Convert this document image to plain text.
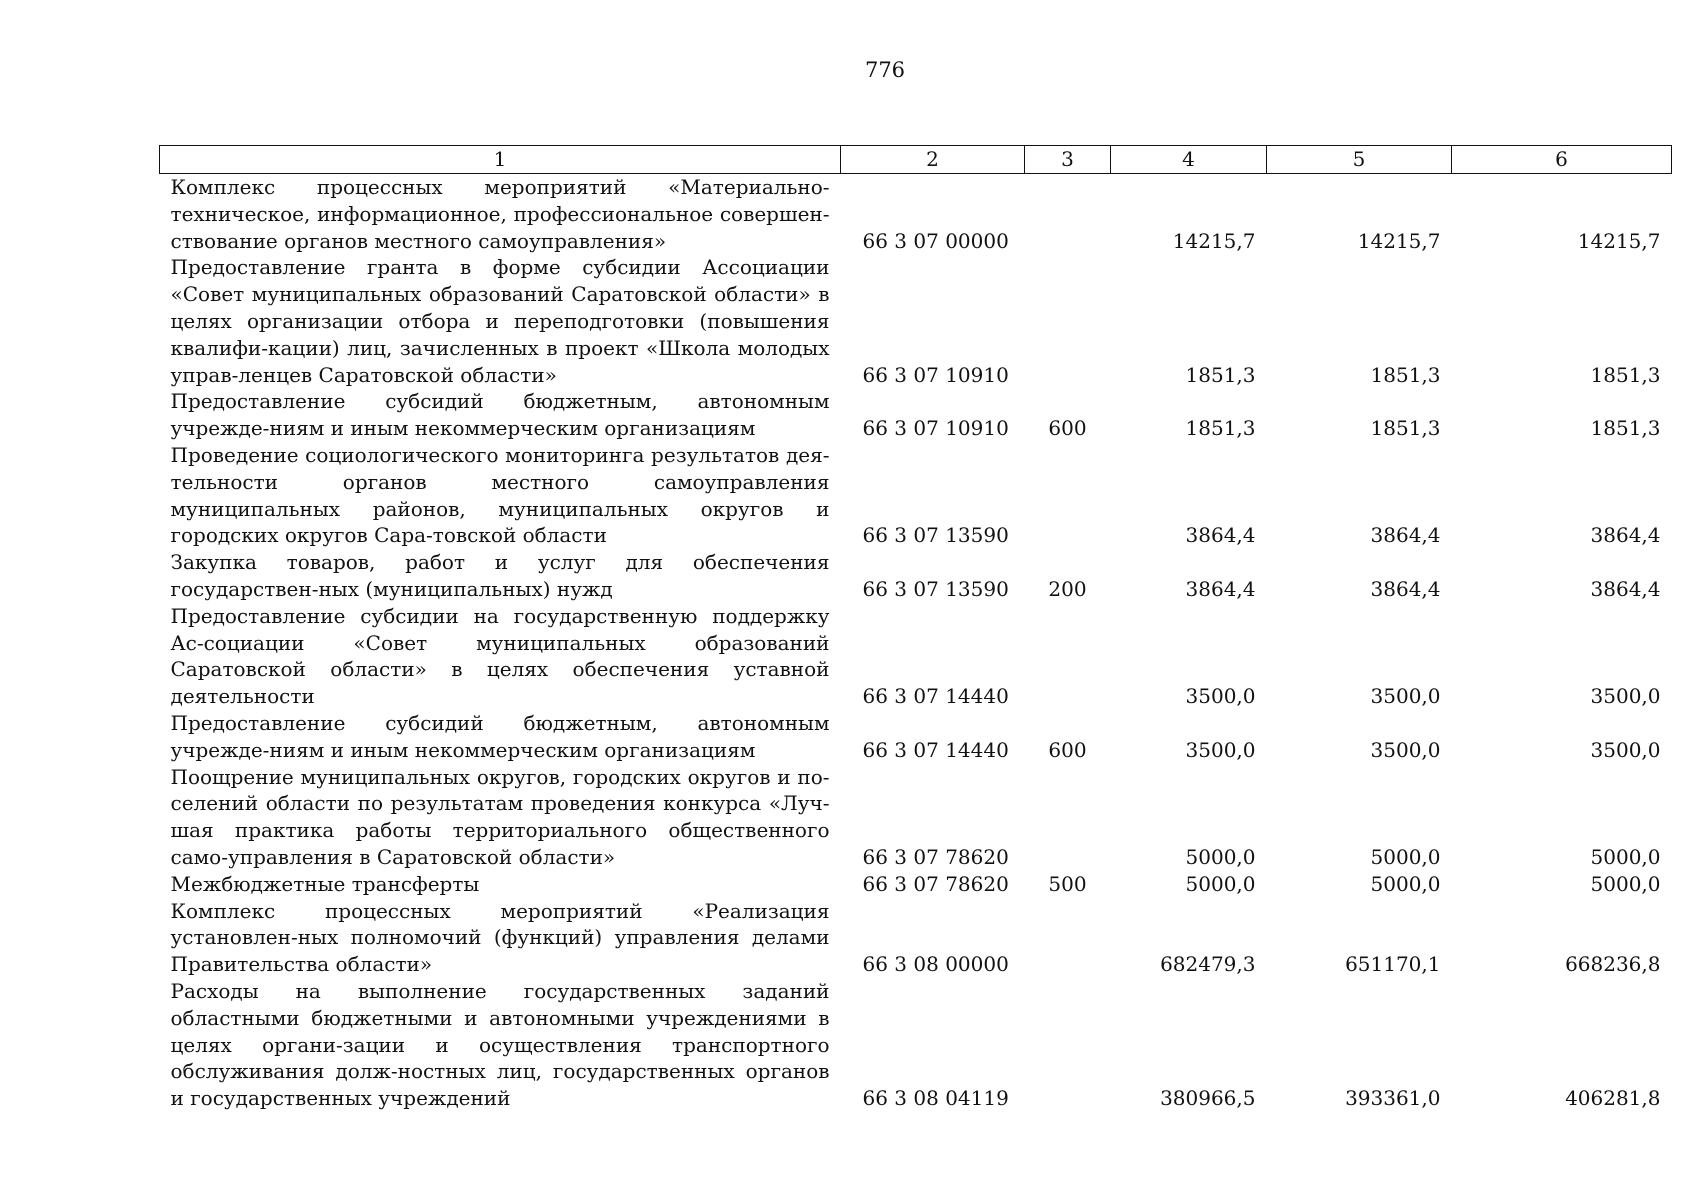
776
1	2	3	4	5	6
Комплекс процессных мероприятий «Материально-техническое, информационное, профессиональное совершен-ствование органов местного самоуправления»	66 3 07 00000		14215,7	14215,7	14215,7
Предоставление гранта в форме субсидии Ассоциации «Совет муниципальных образований Саратовской области» в целях организации отбора и переподготовки (повышения квалифи-кации) лиц, зачисленных в проект «Школа молодых управ-ленцев Саратовской области»	66 3 07 10910		1851,3	1851,3	1851,3
Предоставление субсидий бюджетным, автономным учрежде-ниям и иным некоммерческим организациям	66 3 07 10910	600	1851,3	1851,3	1851,3
Проведение социологического мониторинга результатов дея-тельности органов местного самоуправления муниципальных районов, муниципальных округов и городских округов Сара-товской области	66 3 07 13590		3864,4	3864,4	3864,4
Закупка товаров, работ и услуг для обеспечения государствен-ных (муниципальных) нужд	66 3 07 13590	200	3864,4	3864,4	3864,4
Предоставление субсидии на государственную поддержку Ас-социации «Совет муниципальных образований Саратовской области» в целях обеспечения уставной деятельности	66 3 07 14440		3500,0	3500,0	3500,0
Предоставление субсидий бюджетным, автономным учрежде-ниям и иным некоммерческим организациям	66 3 07 14440	600	3500,0	3500,0	3500,0
Поощрение муниципальных округов, городских округов и по-селений области по результатам проведения конкурса «Луч-шая практика работы территориального общественного само-управления в Саратовской области»	66 3 07 78620		5000,0	5000,0	5000,0
Межбюджетные трансферты	66 3 07 78620	500	5000,0	5000,0	5000,0
Комплекс процессных мероприятий «Реализация установлен-ных полномочий (функций) управления делами Правительства области»	66 3 08 00000		682479,3	651170,1	668236,8
Расходы на выполнение государственных заданий областными бюджетными и автономными учреждениями в целях органи-зации и осуществления транспортного обслуживания долж-ностных лиц, государственных органов и государственных учреждений	66 3 08 04119		380966,5	393361,0	406281,8
